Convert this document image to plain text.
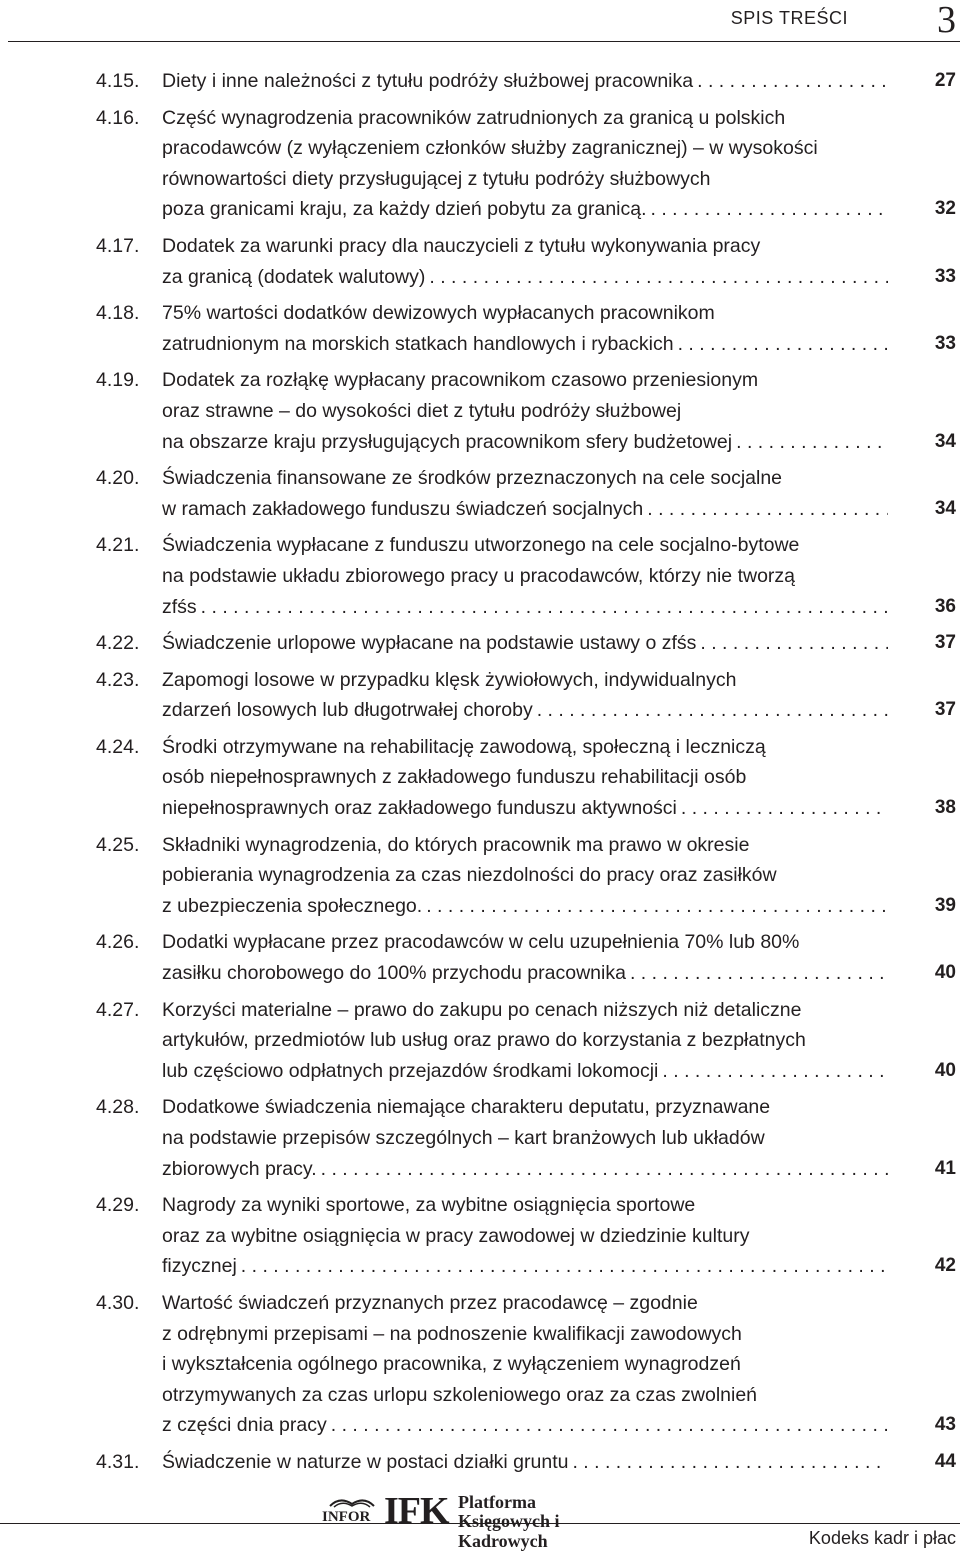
SPIS TREŚCI 3
4.15. Diety i inne należności z tytułu podróży służbowej pracownika . . .	27
4.16. Część wynagrodzenia pracowników zatrudnionych za granicą u polskich
pracodawców (z wyłączeniem członków służby zagranicznej) – w wysokości
równowartości diety przysługującej z tytułu podróży służbowych
poza granicami kraju, za każdy dzień pobytu za granicą. . . .	32
4.17. Dodatek za warunki pracy dla nauczycieli z tytułu wykonywania pracy
za granicą (dodatek walutowy) . . .	33
4.18. 75% wartości dodatków dewizowych wypłacanych pracownikom
zatrudnionym na morskich statkach handlowych i rybackich . . .	33
4.19. Dodatek za rozłąkę wypłacany pracownikom czasowo przeniesionym
oraz strawne – do wysokości diet z tytułu podróży służbowej
na obszarze kraju przysługujących pracownikom sfery budżetowej . . .	34
4.20. Świadczenia finansowane ze środków przeznaczonych na cele socjalne
w ramach zakładowego funduszu świadczeń socjalnych . . .	34
4.21. Świadczenia wypłacane z funduszu utworzonego na cele socjalno-bytowe
na podstawie układu zbiorowego pracy u pracodawców, którzy nie tworzą
zfśs . . .	36
4.22. Świadczenie urlopowe wypłacane na podstawie ustawy o zfśs . . .	37
4.23. Zapomogi losowe w przypadku klęsk żywiołowych, indywidualnych
zdarzeń losowych lub długotrwałej choroby . . .	37
4.24. Środki otrzymywane na rehabilitację zawodową, społeczną i leczniczą
osób niepełnosprawnych z zakładowego funduszu rehabilitacji osób
niepełnosprawnych oraz zakładowego funduszu aktywności . . .	38
4.25. Składniki wynagrodzenia, do których pracownik ma prawo w okresie
pobierania wynagrodzenia za czas niezdolności do pracy oraz zasiłków
z ubezpieczenia społecznego. . . .	39
4.26. Dodatki wypłacane przez pracodawców w celu uzupełnienia 70% lub 80%
zasiłku chorobowego do 100% przychodu pracownika . . .	40
4.27. Korzyści materialne – prawo do zakupu po cenach niższych niż detaliczne
artykułów, przedmiotów lub usług oraz prawo do korzystania z bezpłatnych
lub częściowo odpłatnych przejazdów środkami lokomocji . . .	40
4.28. Dodatkowe świadczenia niemające charakteru deputatu, przyznawane
na podstawie przepisów szczególnych – kart branżowych lub układów
zbiorowych pracy. . . .	41
4.29. Nagrody za wyniki sportowe, za wybitne osiągnięcia sportowe
oraz za wybitne osiągnięcia w pracy zawodowej w dziedzinie kultury
fizycznej . . .	42
4.30. Wartość świadczeń przyznanych przez pracodawcę – zgodnie
z odrębnymi przepisami – na podnoszenie kwalifikacji zawodowych
i wykształcenia ogólnego pracownika, z wyłączeniem wynagrodzeń
otrzymywanych za czas urlopu szkoleniowego oraz za czas zwolnień
z części dnia pracy . . .	43
4.31. Świadczenie w naturze w postaci działki gruntu . . .	44
INFOR IFK Platforma
Księgowych i Kadrowych	Kodeks kadr i płac
